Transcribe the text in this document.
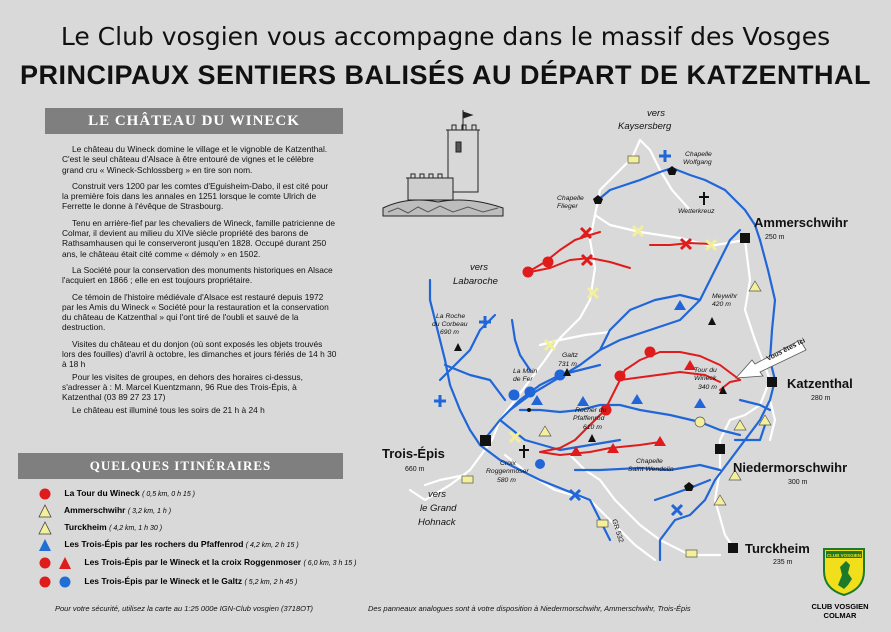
Le Club vosgien vous accompagne dans le massif des Vosges
PRINCIPAUX SENTIERS BALISÉS AU DÉPART DE KATZENTHAL
LE CHÂTEAU DU WINECK

Le château du Wineck domine le village et le vignoble de Katzenthal. C'est le seul château d'Alsace à être entouré de vignes et le célèbre grand cru « Wineck-Schlossberg » en tire son nom.

Construit vers 1200 par les comtes d'Eguisheim-Dabo, il est cité pour la première fois dans les annales en 1251 lorsque le comte Ulrich de Ferrette le donne à l'évêque de Strasbourg.

Tenu en arrière-fief par les chevaliers de Wineck, famille patricienne de Colmar, il devient au milieu du XIVe siècle propriété des barons de Rathsamhausen qui le conserveront jusqu'en 1828. Occupé durant 250 ans, le château était cité comme « démoly » en 1502.

La Société pour la conservation des monuments historiques en Alsace l'acquiert en 1866 ; elle en est toujours propriétaire.

Ce témoin de l'histoire médiévale d'Alsace est restauré depuis 1972 par les Amis du Wineck « Société pour la restauration et la conservation du château de Katzenthal » qui l'ont tiré de l'oubli et sauvé de la destruction.

Visites du château et du donjon (où sont exposés les objets trouvés lors des fouilles) d'avril à octobre, les dimanches et jours fériés de 14 h 30 à 18 h

Pour les visites de groupes, en dehors des horaires ci-dessus, s'adresser à : M. Marcel Kuentzmann, 96 Rue des Trois-Épis, à Katzenthal (03 89 27 23 17)

Le château est illuminé tous les soirs de 21 h à 24 h

QUELQUES ITINÉRAIRES
La Tour du Wineck ( 0,5 km, 0 h 15 )
Ammerschwihr ( 3,2 km, 1 h )
Turckheim ( 4,2 km, 1 h 30 )
Les Trois-Épis par les rochers du Pfaffenrod ( 4,2 km, 2 h 15 )
Les Trois-Épis par le Wineck et la croix Roggenmoser ( 6,0 km, 3 h 15 )
Les Trois-Épis par le Wineck et le Galtz ( 5,2 km, 2 h 45 )
Pour votre sécurité, utilisez la carte au 1:25 000e IGN-Club vosgien (3718OT)	Des panneaux analogues sont à votre disposition à Niedermorschwihr, Ammerschwihr, Trois-Épis
Ammerschwihr
250 m
Katzenthal
280 m
Niedermorschwihr
300 m
Turckheim
235 m
Trois-Épis
660 m
vers
Kaysersberg
vers
Labaroche
vers
le Grand
Hohnack
Chapelle
Wolfgang
Chapelle
Flieger
Wetterkreuz
Meywihr
420 m
La Roche
du Corbeau
690 m
La Main
de Fer
Galtz
731 m
Tour du
Wineck
340 m
Rocher du
Pfaffenrod
610 m
Croix
Roggenmoser
580 m
Chapelle
Saint Wendelin
Vous êtes ici
GR 532
CLUB VOSGIEN
CLUB VOSGIEN
COLMAR
